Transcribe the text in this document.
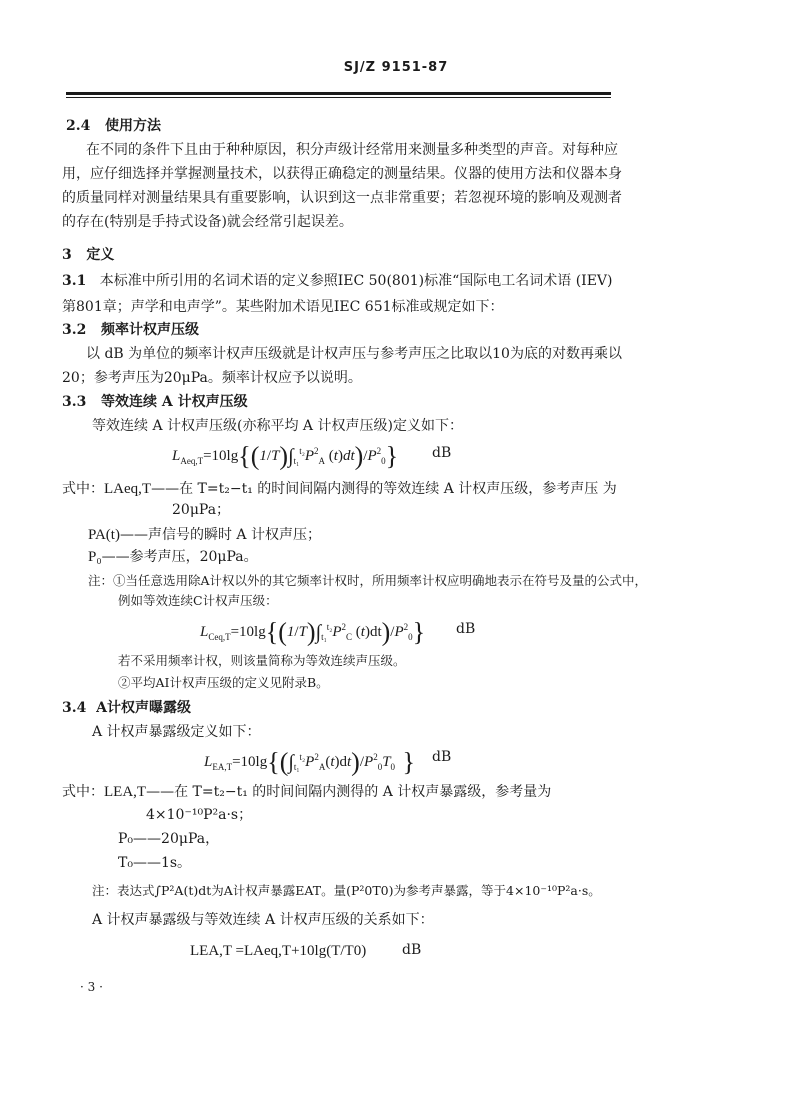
SJ/Z 9151-87
2.4 使用方法
在不同的条件下且由于种种原因，积分声级计经常用来测量多种类型的声音。对每种应
用，应仔细选择并掌握测量技术，以获得正确稳定的测量结果。仪器的使用方法和仪器本身
的质量同样对测量结果具有重要影响，认识到这一点非常重要；若忽视环境的影响及观测者
的存在(特别是手持式设备)就会经常引起误差。
3 定义
3.1 本标准中所引用的名词术语的定义参照IEC 50(801)标准“国际电工名词术语 (IEV)
第801章；声学和电声学”。某些附加术语见IEC 651标准或规定如下：
3.2 频率计权声压级
以 dB 为单位的频率计权声压级就是计权声压与参考声压之比取以10为底的对数再乘以
20；参考声压为20μPa。频率计权应予以说明。
3.3 等效连续 A 计权声压级
等效连续 A 计权声压级(亦称平均 A 计权声压级)定义如下：
$L_{Aeq,T}=10\lg\{(1/T)\int_{t_1}^{t_2}P^2_A$ $(t)dt)/P^2_0$} dB
式中：LAeq,T——在 T=t₂−t₁ 的时间间隔内测得的等效连续 A 计权声压级，参考声压 为
20μPa；
PA(t)——声信号的瞬时 A 计权声压；
P₀——参考声压，20μPa。
注：①当任意选用除A计权以外的其它频率计权时，所用频率计权应明确地表示在符号及量的公式中，
例如等效连续C计权声压级：
$L_{Ceq,T}=10\lg\{(1/T)\int_{t_1}^{t_2}P^2_C$ $(t)dt)/P^2_0$} dB
若不采用频率计权，则该量简称为等效连续声压级。
②平均AI计权声压级的定义见附录B。
3.4 A计权声曝露级
A 计权声暴露级定义如下：
$L_{EA,T}=10\lg\{(\int_{t_1}^{t_2}P^2_A(t)dt)/P^2_0T_0$ } dB
式中：LEA,T——在 T=t₂−t₁ 的时间间隔内测得的 A 计权声暴露级，参考量为
4×10⁻¹⁰P²a·s；
P₀——20μPa，
T₀——1s。
注：表达式∫P²A(t)dt为A计权声暴露EAT。量(P²0T0)为参考声暴露，等于4×10⁻¹⁰P²a·s。
A 计权声暴露级与等效连续 A 计权声压级的关系如下：
LEA,T =LAeq,T+10lg(T/T0)	dB
· 3 ·
